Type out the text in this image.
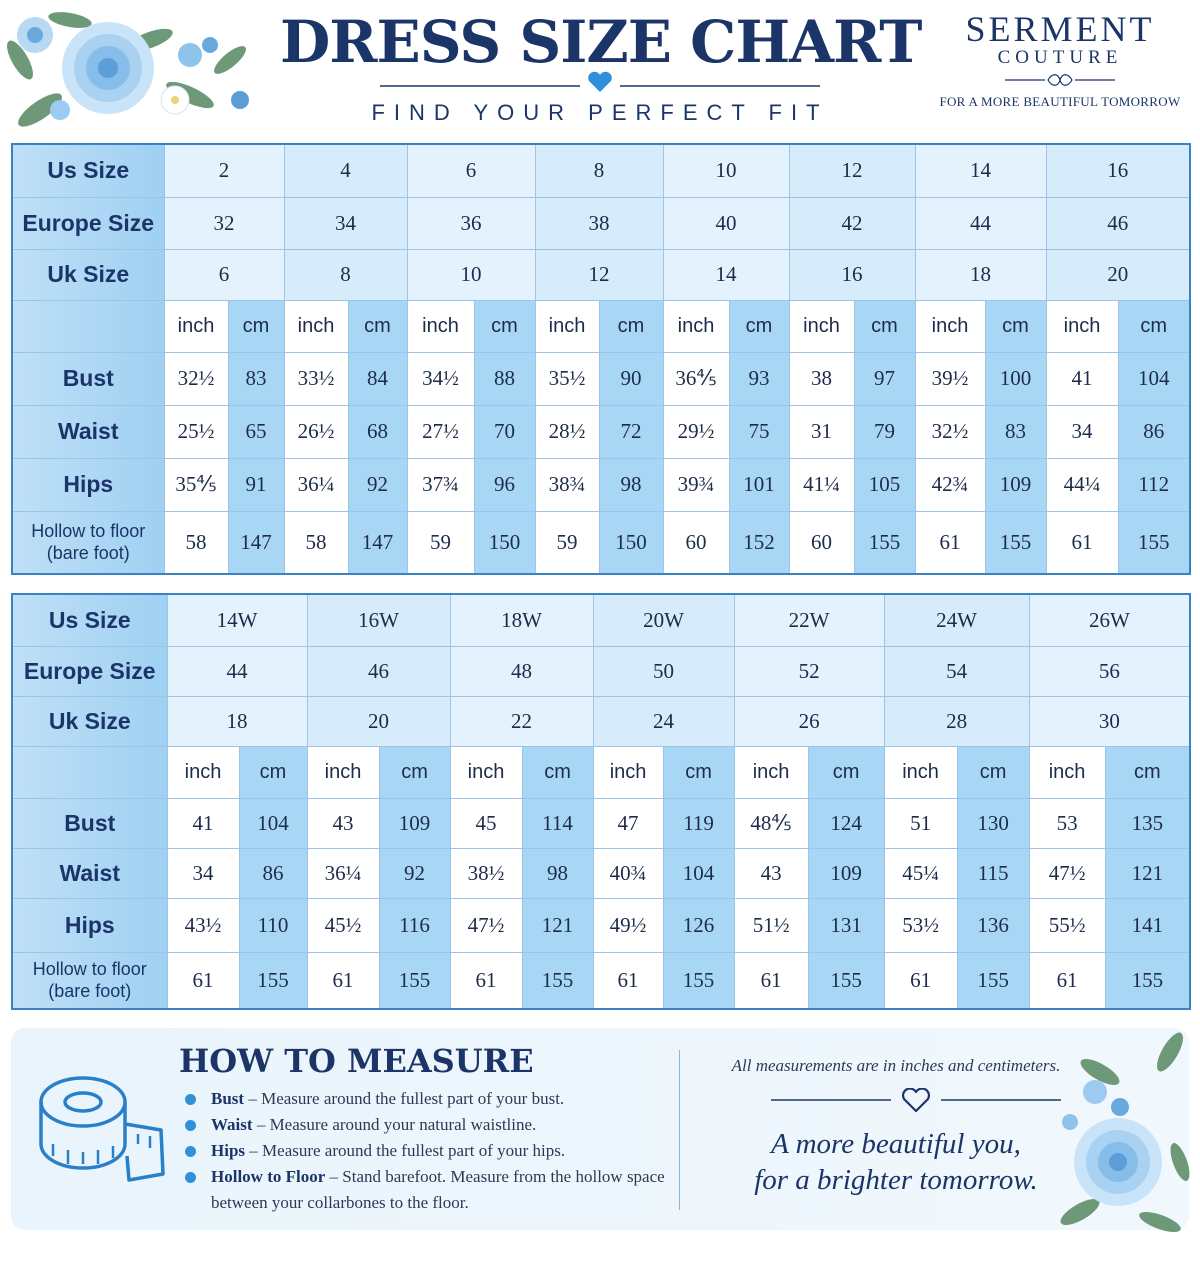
DRESS SIZE CHART
FIND YOUR PERFECT FIT
SERMENT
COUTURE
FOR A MORE BEAUTIFUL TOMORROW
Us Size	2		4		6		8		10		12		14		16	
Europe Size	32		34		36		38		40		42		44		46	
Uk Size	6		8		10		12		14		16		18		20	
	inch	cm	inch	cm	inch	cm	inch	cm	inch	cm	inch	cm	inch	cm	inch	cm
Bust	32½	83	33½	84	34½	88	35½	90	36⅘	93	38	97	39½	100	41	104
Waist	25½	65	26½	68	27½	70	28½	72	29½	75	31	79	32½	83	34	86
Hips	35⅘	91	36¼	92	37¾	96	38¾	98	39¾	101	41¼	105	42¾	109	44¼	112
Hollow to floor
(bare foot)	58	147	58	147	59	150	59	150	60	152	60	155	61	155	61	155
Us Size	14W		16W		18W		20W		22W		24W		26W	
Europe Size	44		46		48		50		52		54		56	
Uk Size	18		20		22		24		26		28		30	
	inch	cm	inch	cm	inch	cm	inch	cm	inch	cm	inch	cm	inch	cm
Bust	41	104	43	109	45	114	47	119	48⅘	124	51	130	53	135
Waist	34	86	36¼	92	38½	98	40¾	104	43	109	45¼	115	47½	121
Hips	43½	110	45½	116	47½	121	49½	126	51½	131	53½	136	55½	141
Hollow to floor
(bare foot)	61	155	61	155	61	155	61	155	61	155	61	155	61	155
HOW TO MEASURE
Bust – Measure around the fullest part of your bust.
Waist – Measure around your natural waistline.
Hips – Measure around the fullest part of your hips.
Hollow to Floor – Stand barefoot. Measure from the hollow space between your collarbones to the floor.
All measurements are in inches and centimeters.
A more beautiful you,
for a brighter tomorrow.
